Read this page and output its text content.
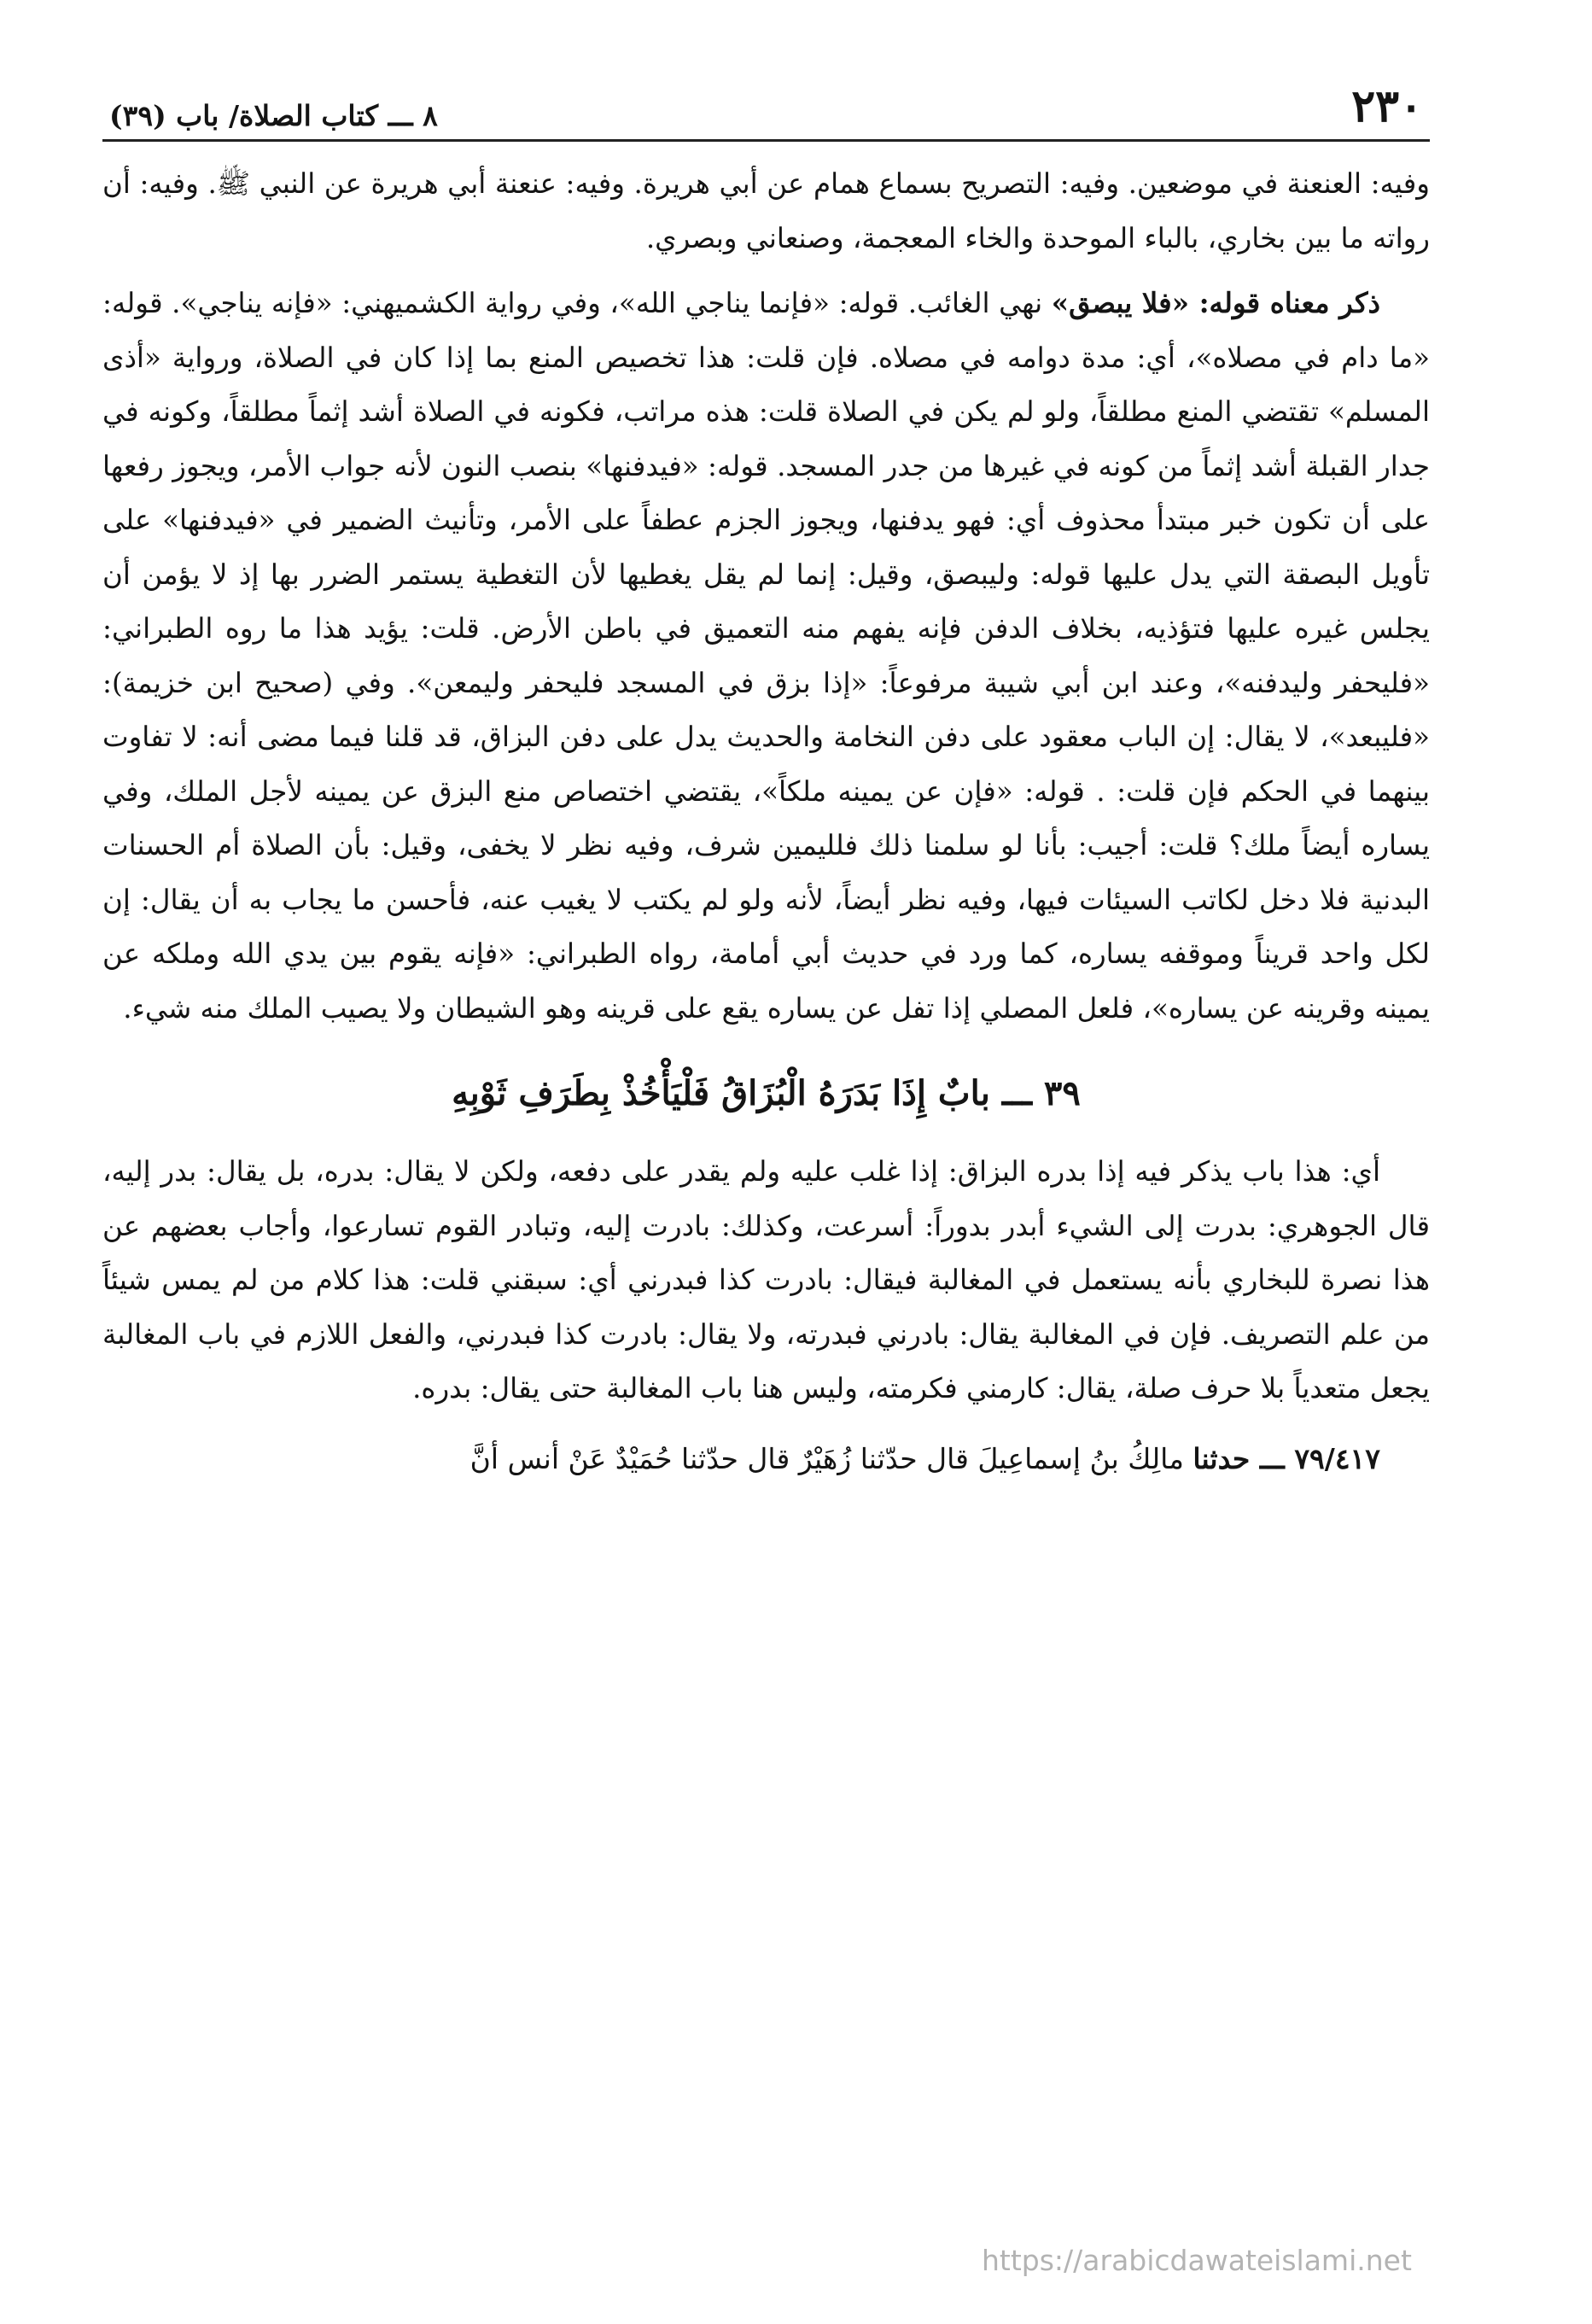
٢٣٠
٨ ـــ كتاب الصلاة/ باب (٣٩)

وفيه: العنعنة في موضعين. وفيه: التصريح بسماع همام عن أبي هريرة. وفيه: عنعنة أبي هريرة عن النبي ﷺ. وفيه: أن رواته ما بين بخاري، بالباء الموحدة والخاء المعجمة، وصنعاني وبصري.

ذكر معناه قوله: «فلا يبصق» نهي الغائب. قوله: «فإنما يناجي الله»، وفي رواية الكشميهني: «فإنه يناجي». قوله: «ما دام في مصلاه»، أي: مدة دوامه في مصلاه. فإن قلت: هذا تخصيص المنع بما إذا كان في الصلاة، ورواية «أذى المسلم» تقتضي المنع مطلقاً، ولو لم يكن في الصلاة قلت: هذه مراتب، فكونه في الصلاة أشد إثماً مطلقاً، وكونه في جدار القبلة أشد إثماً من كونه في غيرها من جدر المسجد. قوله: «فيدفنها» بنصب النون لأنه جواب الأمر، ويجوز رفعها على أن تكون خبر مبتدأ محذوف أي: فهو يدفنها، ويجوز الجزم عطفاً على الأمر، وتأنيث الضمير في «فيدفنها» على تأويل البصقة التي يدل عليها قوله: وليبصق، وقيل: إنما لم يقل يغطيها لأن التغطية يستمر الضرر بها إذ لا يؤمن أن يجلس غيره عليها فتؤذيه، بخلاف الدفن فإنه يفهم منه التعميق في باطن الأرض. قلت: يؤيد هذا ما روه الطبراني: «فليحفر وليدفنه»، وعند ابن أبي شيبة مرفوعاً: «إذا بزق في المسجد فليحفر وليمعن». وفي (صحيح ابن خزيمة): «فليبعد»، لا يقال: إن الباب معقود على دفن النخامة والحديث يدل على دفن البزاق، قد قلنا فيما مضى أنه: لا تفاوت بينهما في الحكم فإن قلت: . قوله: «فإن عن يمينه ملكاً»، يقتضي اختصاص منع البزق عن يمينه لأجل الملك، وفي يساره أيضاً ملك؟ قلت: أجيب: بأنا لو سلمنا ذلك فلليمين شرف، وفيه نظر لا يخفى، وقيل: بأن الصلاة أم الحسنات البدنية فلا دخل لكاتب السيئات فيها، وفيه نظر أيضاً، لأنه ولو لم يكتب لا يغيب عنه، فأحسن ما يجاب به أن يقال: إن لكل واحد قريناً وموقفه يساره، كما ورد في حديث أبي أمامة، رواه الطبراني: «فإنه يقوم بين يدي الله وملكه عن يمينه وقرينه عن يساره»، فلعل المصلي إذا تفل عن يساره يقع على قرينه وهو الشيطان ولا يصيب الملك منه شيء.

٣٩ ـــ بابٌ إِذَا بَدَرَهُ الْبُزَاقُ فَلْيَأْخُذْ بِطَرَفِ ثَوْبِهِ

أي: هذا باب يذكر فيه إذا بدره البزاق: إذا غلب عليه ولم يقدر على دفعه، ولكن لا يقال: بدره، بل يقال: بدر إليه، قال الجوهري: بدرت إلى الشيء أبدر بدوراً: أسرعت، وكذلك: بادرت إليه، وتبادر القوم تسارعوا، وأجاب بعضهم عن هذا نصرة للبخاري بأنه يستعمل في المغالبة فيقال: بادرت كذا فبدرني أي: سبقني قلت: هذا كلام من لم يمس شيئاً من علم التصريف. فإن في المغالبة يقال: بادرني فبدرته، ولا يقال: بادرت كذا فبدرني، والفعل اللازم في باب المغالبة يجعل متعدياً بلا حرف صلة، يقال: كارمني فكرمته، وليس هنا باب المغالبة حتى يقال: بدره.

٧٩/٤١٧ ـــ حدثنا مالِكُ بنُ إسماعِيلَ قال حدّثنا زُهَيْرٌ قال حدّثنا حُمَيْدٌ عَنْ أنس أنَّ
https://arabicdawateislami.net
